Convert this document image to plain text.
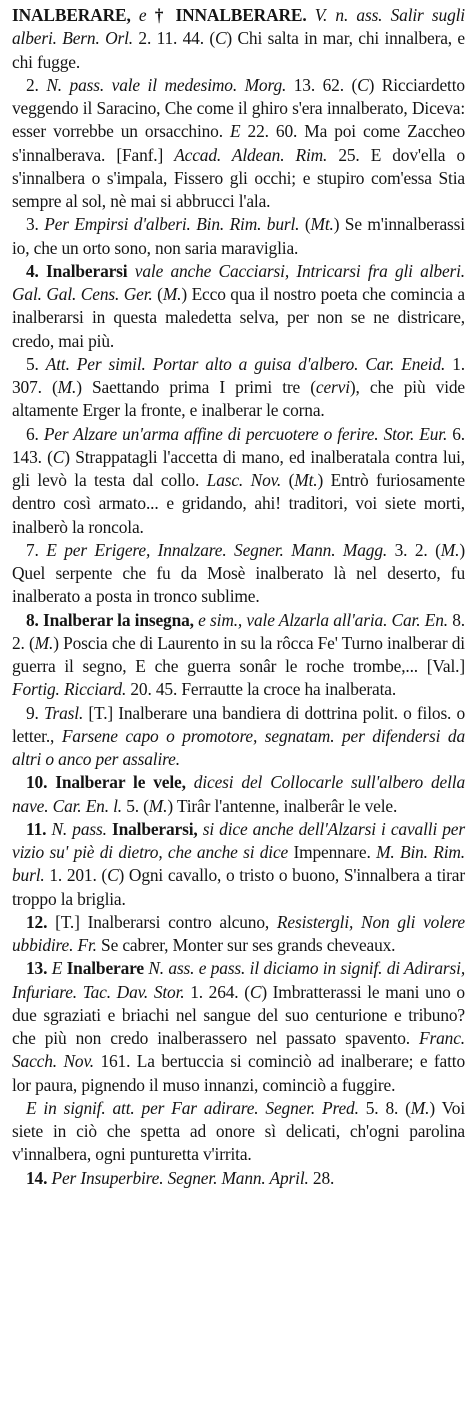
INALBERARE, e † INNALBERARE. V. n. ass. Salir sugli alberi. Bern. Orl. 2. 11. 44. (C) Chi salta in mar, chi innalbera, e chi fugge.

2. N. pass. vale il medesimo. Morg. 13. 62. (C) Ricciardetto veggendo il Saracino, Che come il ghiro s'era innalberato, Diceva: esser vorrebbe un orsacchino. E 22. 60. Ma poi come Zaccheo s'innalberava. [Fanf.] Accad. Aldean. Rim. 25. E dov'ella o s'innalbera o s'impala, Fissero gli occhi; e stupiro com'essa Stia sempre al sol, nè mai si abbrucci l'ala.

3. Per Empirsi d'alberi. Bin. Rim. burl. (Mt.) Se m'innalberassi io, che un orto sono, non saria maraviglia.

4. Inalberarsi vale anche Cacciarsi, Intricarsi fra gli alberi. Gal. Gal. Cens. Ger. (M.) Ecco qua il nostro poeta che comincia a inalberarsi in questa maledetta selva, per non se ne districare, credo, mai più.

5. Att. Per simil. Portar alto a guisa d'albero. Car. Eneid. 1. 307. (M.) Saettando prima I primi tre (cervi), che più vide altamente Erger la fronte, e inalberar le corna.

6. Per Alzare un'arma affine di percuotere o ferire. Stor. Eur. 6. 143. (C) Strappatagli l'accetta di mano, ed inalberatala contra lui, gli levò la testa dal collo. Lasc. Nov. (Mt.) Entrò furiosamente dentro così armato... e gridando, ahi! traditori, voi siete morti, inalberò la roncola.

7. E per Erigere, Innalzare. Segner. Mann. Magg. 3. 2. (M.) Quel serpente che fu da Mosè inalberato là nel deserto, fu inalberato a posta in tronco sublime.

8. Inalberar la insegna, e sim., vale Alzarla all'aria. Car. En. 8. 2. (M.) Poscia che di Laurento in su la rôcca Fe' Turno inalberar di guerra il segno, E che guerra sonâr le roche trombe,... [Val.] Fortig. Ricciard. 20. 45. Ferrautte la croce ha inalberata.

9. Trasl. [T.] Inalberare una bandiera di dottrina polit. o filos. o letter., Farsene capo o promotore, segnatam. per difendersi da altri o anco per assalire.

10. Inalberar le vele, dicesi del Collocarle sull'albero della nave. Car. En. l. 5. (M.) Tirâr l'antenne, inalberâr le vele.

11. N. pass. Inalberarsi, si dice anche dell'Alzarsi i cavalli per vizio su' piè di dietro, che anche si dice Impennare. M. Bin. Rim. burl. 1. 201. (C) Ogni cavallo, o tristo o buono, S'innalbera a tirar troppo la briglia.

12. [T.] Inalberarsi contro alcuno, Resistergli, Non gli volere ubbidire. Fr. Se cabrer, Monter sur ses grands cheveaux.

13. E Inalberare N. ass. e pass. il diciamo in signif. di Adirarsi, Infuriare. Tac. Dav. Stor. 1. 264. (C) Imbratterassi le mani uno o due sgraziati e briachi nel sangue del suo centurione e tribuno? che più non credo inalberassero nel passato spavento. Franc. Sacch. Nov. 161. La bertuccia si cominciò ad inalberare; e fatto lor paura, pignendo il muso innanzi, cominciò a fuggire.

E in signif. att. per Far adirare. Segner. Pred. 5. 8. (M.) Voi siete in ciò che spetta ad onore sì delicati, ch'ogni parolina v'innalbera, ogni punturetta v'irrita.

14. Per Insuperbire. Segner. Mann. April. 28.
